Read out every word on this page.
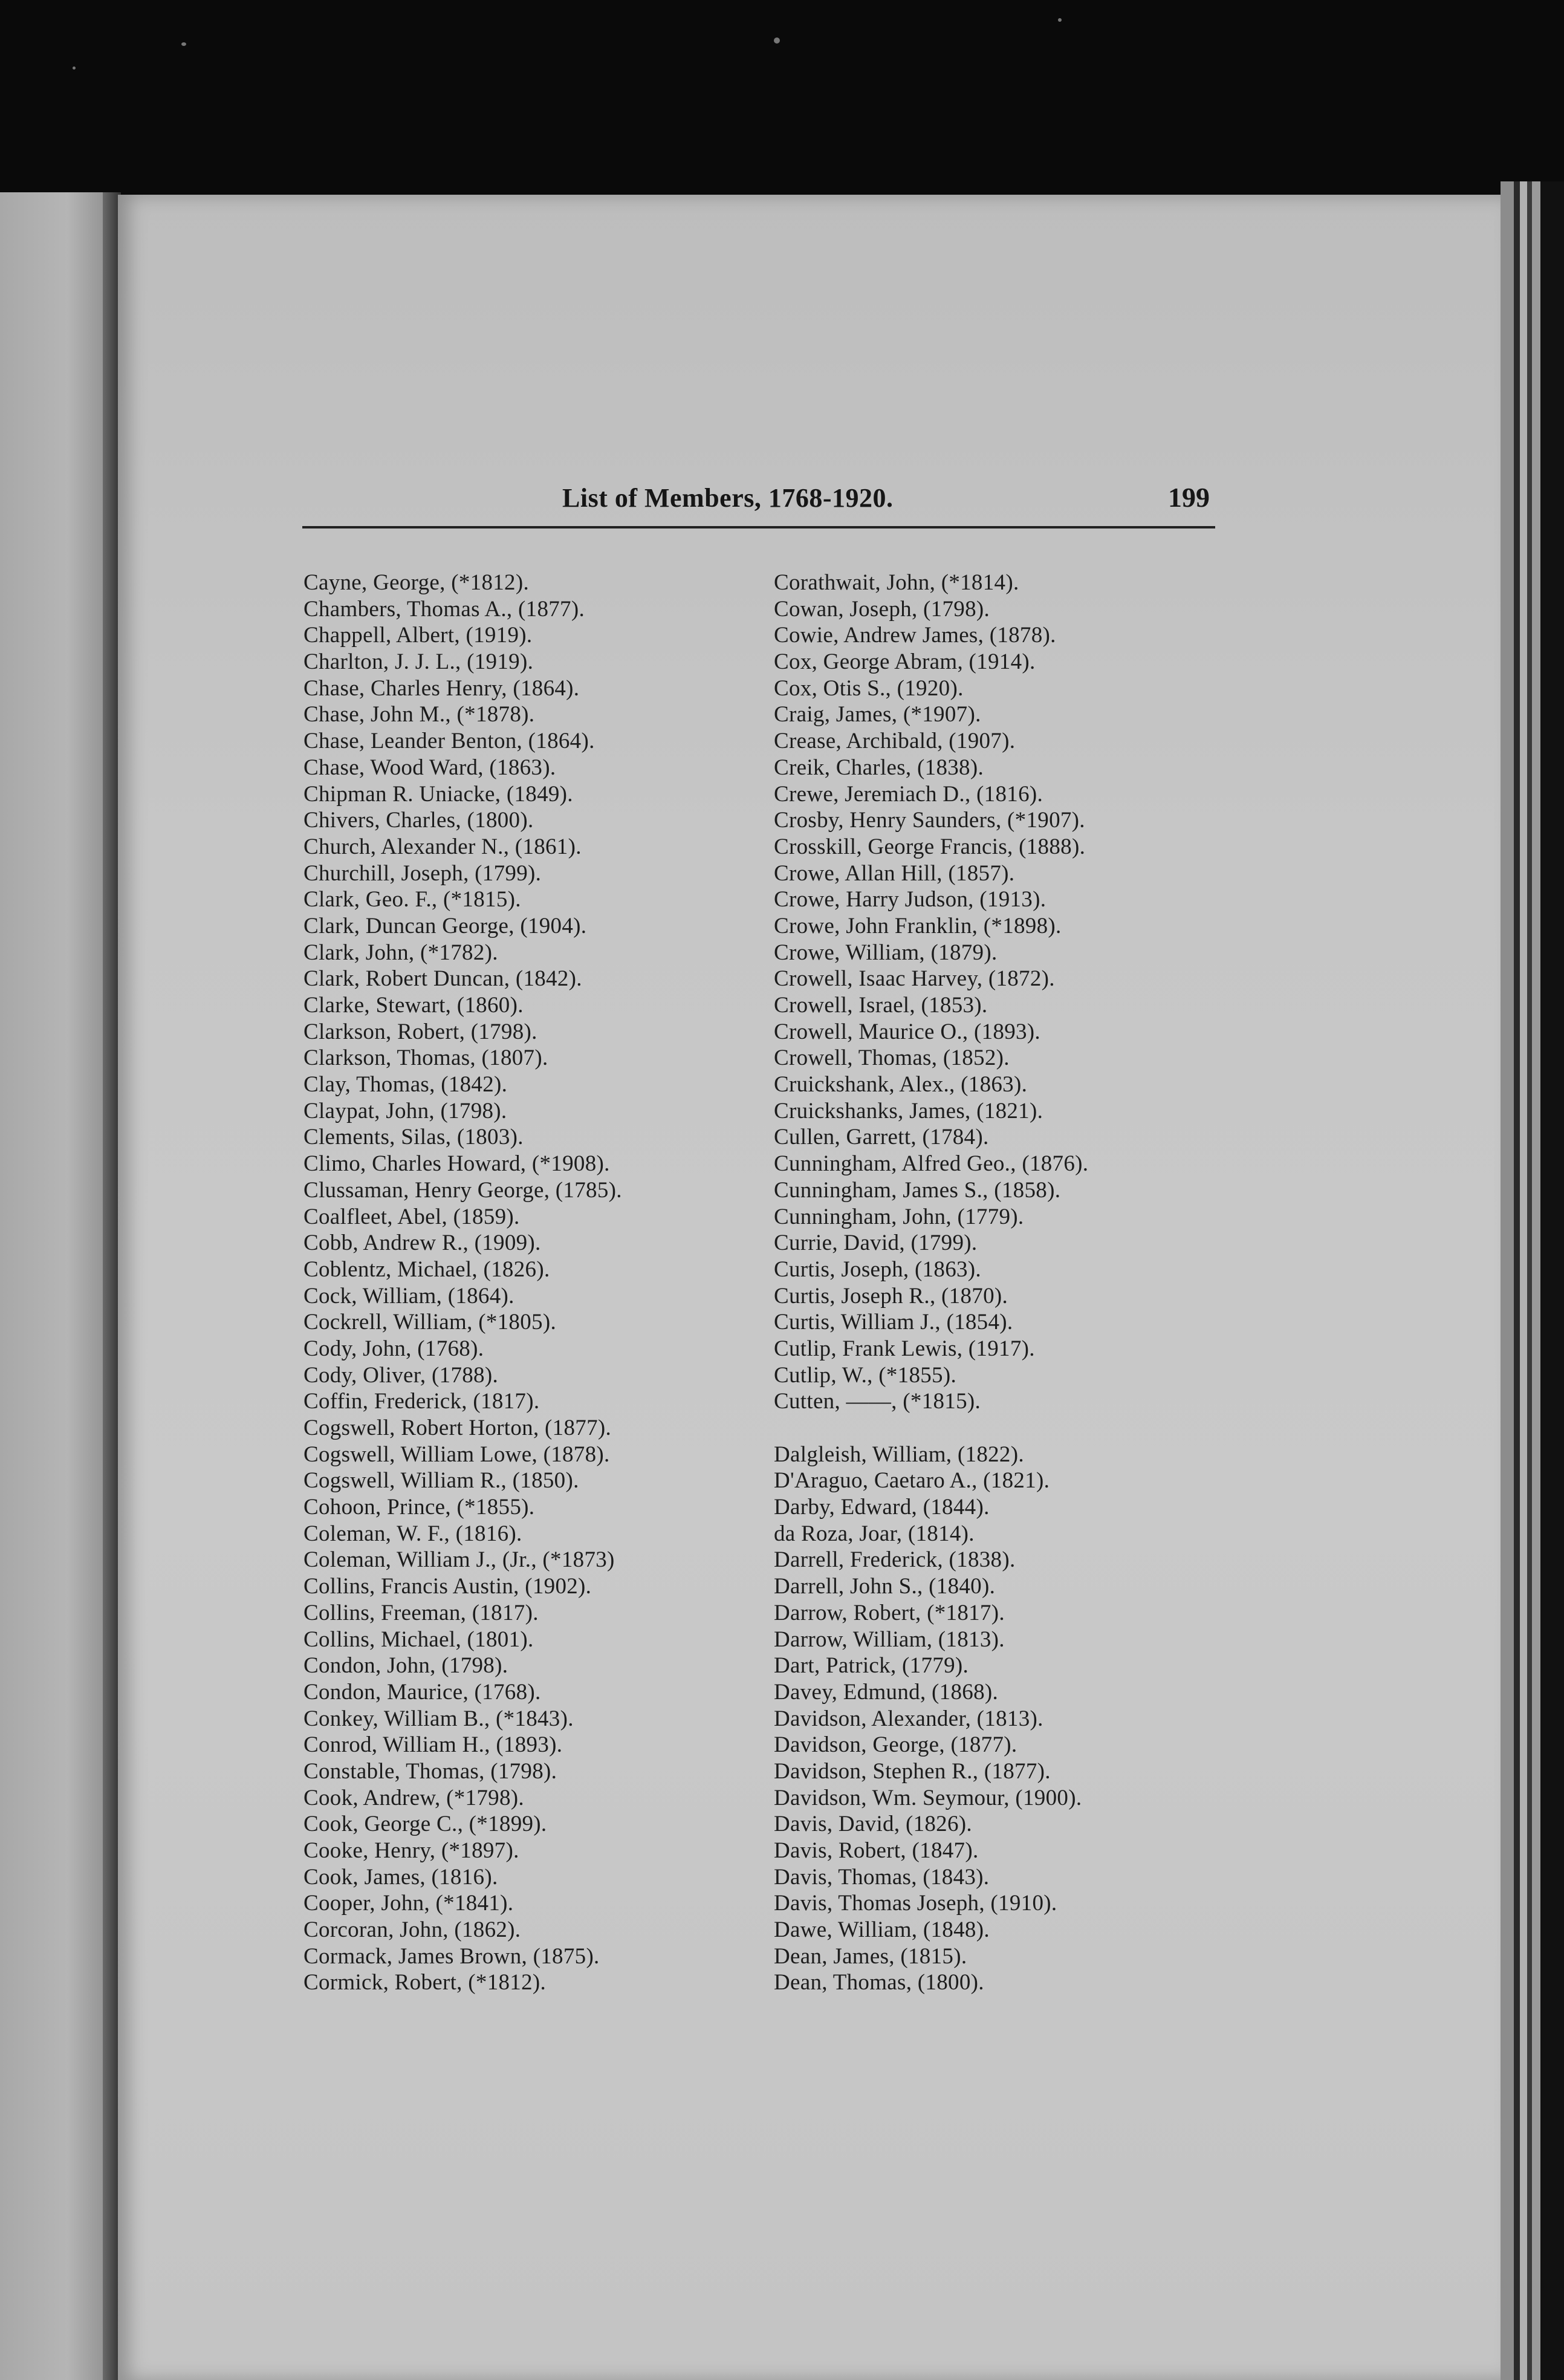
List of Members, 1768-1920.	199
Cayne, George, (*1812).
Chambers, Thomas A., (1877).
Chappell, Albert, (1919).
Charlton, J. J. L., (1919).
Chase, Charles Henry, (1864).
Chase, John M., (*1878).
Chase, Leander Benton, (1864).
Chase, Wood Ward, (1863).
Chipman R. Uniacke, (1849).
Chivers, Charles, (1800).
Church, Alexander N., (1861).
Churchill, Joseph, (1799).
Clark, Geo. F., (*1815).
Clark, Duncan George, (1904).
Clark, John, (*1782).
Clark, Robert Duncan, (1842).
Clarke, Stewart, (1860).
Clarkson, Robert, (1798).
Clarkson, Thomas, (1807).
Clay, Thomas, (1842).
Claypat, John, (1798).
Clements, Silas, (1803).
Climo, Charles Howard, (*1908).
Clussaman, Henry George, (1785).
Coalfleet, Abel, (1859).
Cobb, Andrew R., (1909).
Coblentz, Michael, (1826).
Cock, William, (1864).
Cockrell, William, (*1805).
Cody, John, (1768).
Cody, Oliver, (1788).
Coffin, Frederick, (1817).
Cogswell, Robert Horton, (1877).
Cogswell, William Lowe, (1878).
Cogswell, William R., (1850).
Cohoon, Prince, (*1855).
Coleman, W. F., (1816).
Coleman, William J., (Jr., (*1873)
Collins, Francis Austin, (1902).
Collins, Freeman, (1817).
Collins, Michael, (1801).
Condon, John, (1798).
Condon, Maurice, (1768).
Conkey, William B., (*1843).
Conrod, William H., (1893).
Constable, Thomas, (1798).
Cook, Andrew, (*1798).
Cook, George C., (*1899).
Cooke, Henry, (*1897).
Cook, James, (1816).
Cooper, John, (*1841).
Corcoran, John, (1862).
Cormack, James Brown, (1875).
Cormick, Robert, (*1812).
Corathwait, John, (*1814).
Cowan, Joseph, (1798).
Cowie, Andrew James, (1878).
Cox, George Abram, (1914).
Cox, Otis S., (1920).
Craig, James, (*1907).
Crease, Archibald, (1907).
Creik, Charles, (1838).
Crewe, Jeremiach D., (1816).
Crosby, Henry Saunders, (*1907).
Crosskill, George Francis, (1888).
Crowe, Allan Hill, (1857).
Crowe, Harry Judson, (1913).
Crowe, John Franklin, (*1898).
Crowe, William, (1879).
Crowell, Isaac Harvey, (1872).
Crowell, Israel, (1853).
Crowell, Maurice O., (1893).
Crowell, Thomas, (1852).
Cruickshank, Alex., (1863).
Cruickshanks, James, (1821).
Cullen, Garrett, (1784).
Cunningham, Alfred Geo., (1876).
Cunningham, James S., (1858).
Cunningham, John, (1779).
Currie, David, (1799).
Curtis, Joseph, (1863).
Curtis, Joseph R., (1870).
Curtis, William J., (1854).
Cutlip, Frank Lewis, (1917).
Cutlip, W., (*1855).
Cutten, ——, (*1815).
Dalgleish, William, (1822).
D'Araguo, Caetaro A., (1821).
Darby, Edward, (1844).
da Roza, Joar, (1814).
Darrell, Frederick, (1838).
Darrell, John S., (1840).
Darrow, Robert, (*1817).
Darrow, William, (1813).
Dart, Patrick, (1779).
Davey, Edmund, (1868).
Davidson, Alexander, (1813).
Davidson, George, (1877).
Davidson, Stephen R., (1877).
Davidson, Wm. Seymour, (1900).
Davis, David, (1826).
Davis, Robert, (1847).
Davis, Thomas, (1843).
Davis, Thomas Joseph, (1910).
Dawe, William, (1848).
Dean, James, (1815).
Dean, Thomas, (1800).
